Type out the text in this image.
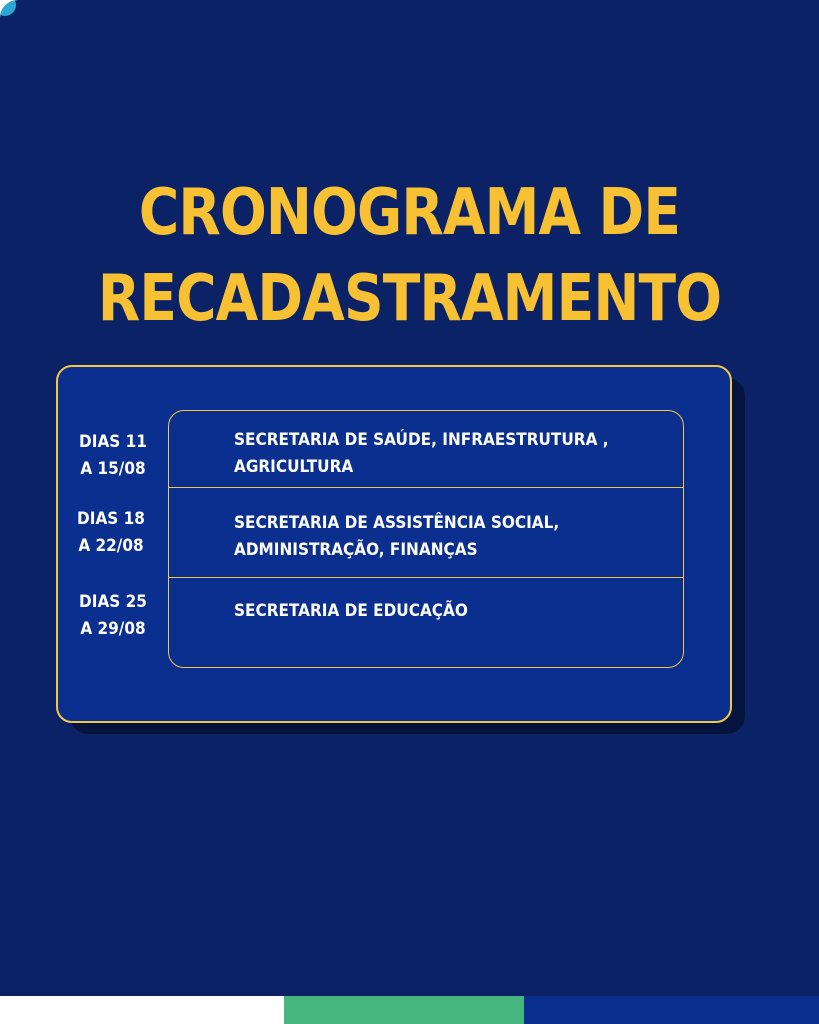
CRONOGRAMA DE
RECADASTRAMENTO
DIAS 11
A 15/08
SECRETARIA DE SAÚDE, INFRAESTRUTURA ,
AGRICULTURA
DIAS 18
A 22/08
SECRETARIA DE ASSISTÊNCIA SOCIAL,
ADMINISTRAÇÃO, FINANÇAS
DIAS 25
A 29/08
SECRETARIA DE EDUCAÇÃO
